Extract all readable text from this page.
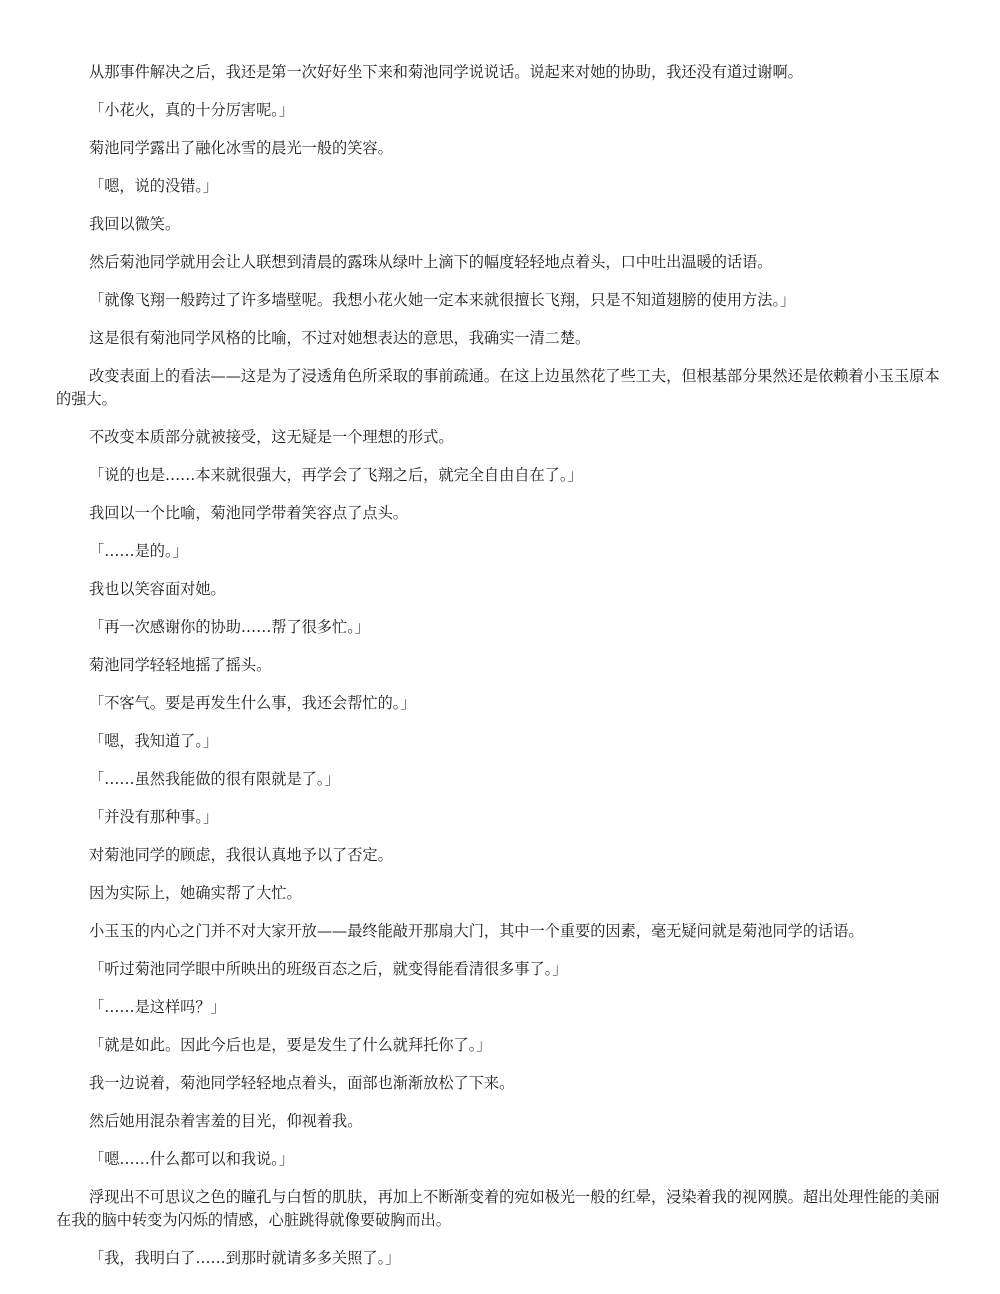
从那事件解决之后，我还是第一次好好坐下来和菊池同学说说话。说起来对她的协助，我还没有道过谢啊。

「小花火，真的十分厉害呢。」

菊池同学露出了融化冰雪的晨光一般的笑容。

「嗯，说的没错。」

我回以微笑。

然后菊池同学就用会让人联想到清晨的露珠从绿叶上滴下的幅度轻轻地点着头，口中吐出温暖的话语。

「就像飞翔一般跨过了许多墙壁呢。我想小花火她一定本来就很擅长飞翔，只是不知道翅膀的使用方法。」

这是很有菊池同学风格的比喻，不过对她想表达的意思，我确实一清二楚。

改变表面上的看法——这是为了浸透角色所采取的事前疏通。在这上边虽然花了些工夫，但根基部分果然还是依赖着小玉玉原本的强大。

不改变本质部分就被接受，这无疑是一个理想的形式。

「说的也是……本来就很强大，再学会了飞翔之后，就完全自由自在了。」

我回以一个比喻，菊池同学带着笑容点了点头。

「……是的。」

我也以笑容面对她。

「再一次感谢你的协助……帮了很多忙。」

菊池同学轻轻地摇了摇头。

「不客气。要是再发生什么事，我还会帮忙的。」

「嗯，我知道了。」

「……虽然我能做的很有限就是了。」

「并没有那种事。」

对菊池同学的顾虑，我很认真地予以了否定。

因为实际上，她确实帮了大忙。

小玉玉的内心之门并不对大家开放——最终能敲开那扇大门，其中一个重要的因素，毫无疑问就是菊池同学的话语。

「听过菊池同学眼中所映出的班级百态之后，就变得能看清很多事了。」

「……是这样吗？」

「就是如此。因此今后也是，要是发生了什么就拜托你了。」

我一边说着，菊池同学轻轻地点着头，面部也渐渐放松了下来。

然后她用混杂着害羞的目光，仰视着我。

「嗯……什么都可以和我说。」

浮现出不可思议之色的瞳孔与白皙的肌肤，再加上不断渐变着的宛如极光一般的红晕，浸染着我的视网膜。超出处理性能的美丽在我的脑中转变为闪烁的情感，心脏跳得就像要破胸而出。

「我，我明白了……到那时就请多多关照了。」
